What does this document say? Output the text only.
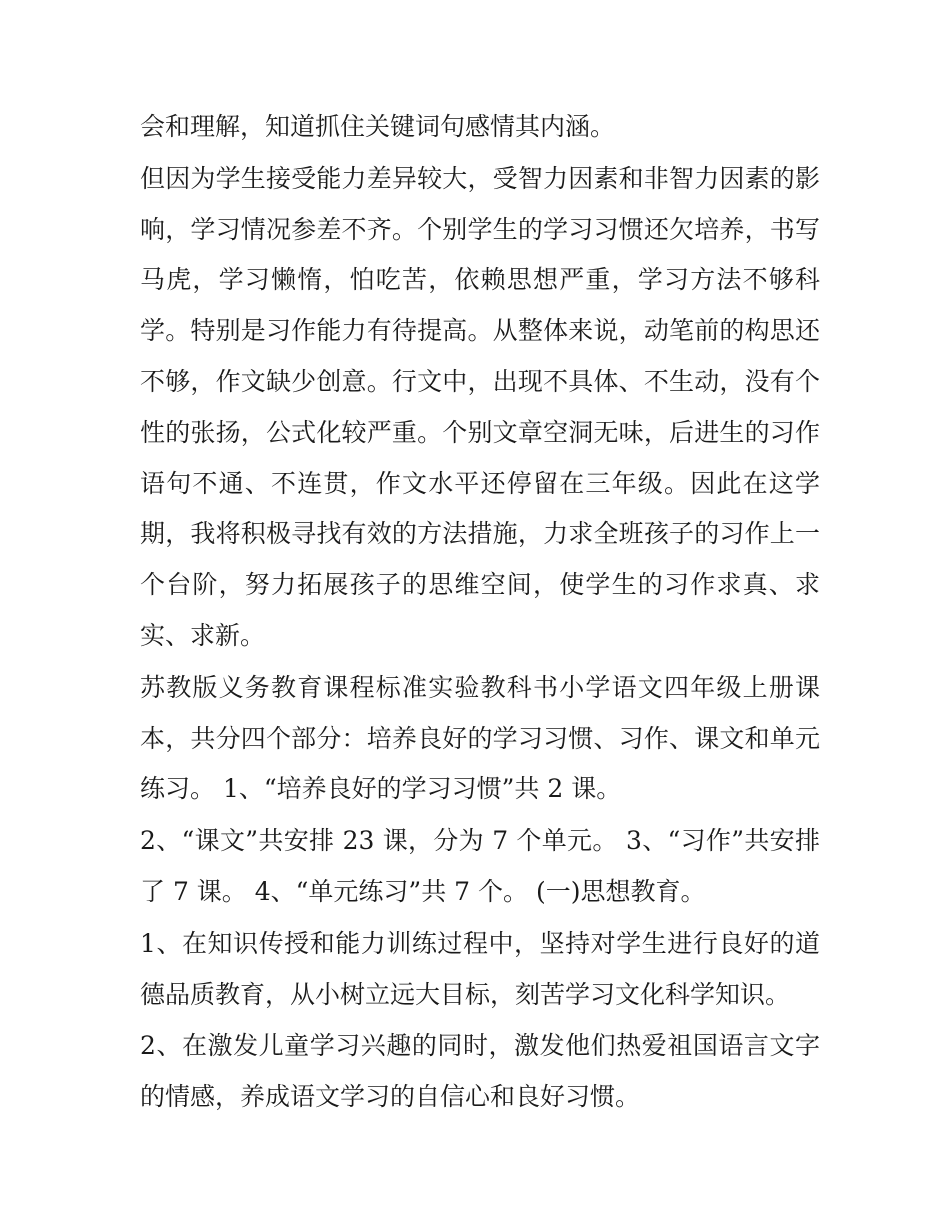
会和理解，知道抓住关键词句感情其内涵。

但因为学生接受能力差异较大，受智力因素和非智力因素的影响，学习情况参差不齐。个别学生的学习习惯还欠培养，书写马虎，学习懒惰，怕吃苦，依赖思想严重，学习方法不够科学。特别是习作能力有待提高。从整体来说，动笔前的构思还不够，作文缺少创意。行文中，出现不具体、不生动，没有个性的张扬，公式化较严重。个别文章空洞无味，后进生的习作语句不通、不连贯，作文水平还停留在三年级。因此在这学期，我将积极寻找有效的方法措施，力求全班孩子的习作上一个台阶，努力拓展孩子的思维空间，使学生的习作求真、求实、求新。

苏教版义务教育课程标准实验教科书小学语文四年级上册课本，共分四个部分：培养良好的学习习惯、习作、课文和单元练习。 1、“培养良好的学习习惯”共 2 课。

2、“课文”共安排 23 课，分为 7 个单元。 3、“习作”共安排了 7 课。 4、“单元练习”共 7 个。 (一)思想教育。

1、在知识传授和能力训练过程中，坚持对学生进行良好的道德品质教育，从小树立远大目标，刻苦学习文化科学知识。

2、在激发儿童学习兴趣的同时，激发他们热爱祖国语言文字的情感，养成语文学习的自信心和良好习惯。
